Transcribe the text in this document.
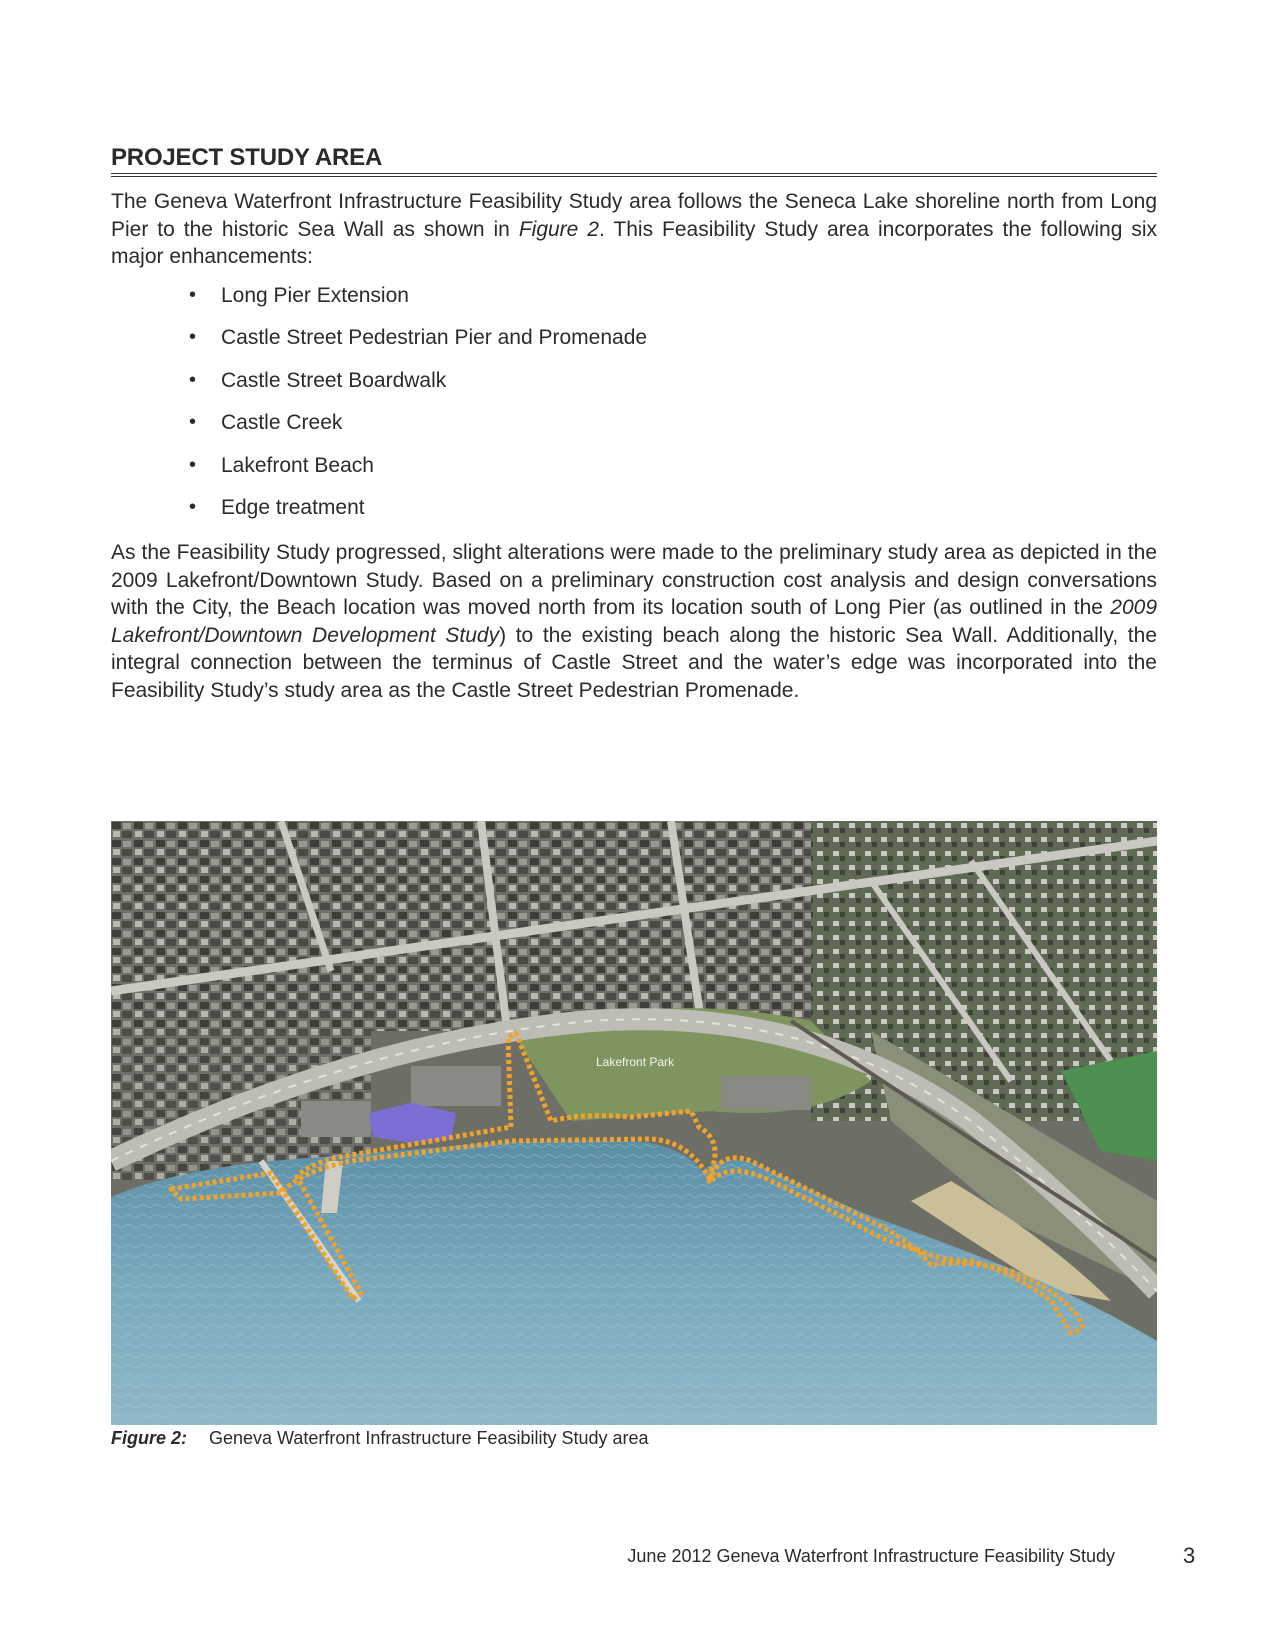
PROJECT STUDY AREA

The Geneva Waterfront Infrastructure Feasibility Study area follows the Seneca Lake shoreline north from Long Pier to the historic Sea Wall as shown in Figure 2. This Feasibility Study area incorporates the following six major enhancements:

• Long Pier Extension
• Castle Street Pedestrian Pier and Promenade
• Castle Street Boardwalk
• Castle Creek
• Lakefront Beach
• Edge treatment

As the Feasibility Study progressed, slight alterations were made to the preliminary study area as depicted in the 2009 Lakefront/Downtown Study. Based on a preliminary construction cost analysis and design conversations with the City, the Beach location was moved north from its location south of Long Pier (as outlined in the 2009 Lakefront/Downtown Development Study) to the existing beach along the historic Sea Wall. Additionally, the integral connection between the terminus of Castle Street and the water’s edge was incorporated into the Feasibility Study’s study area as the Castle Street Pedestrian Promenade.

Lakefront Park
Figure 2: Geneva Waterfront Infrastructure Feasibility Study area
June 2012 Geneva Waterfront Infrastructure Feasibility Study	3
